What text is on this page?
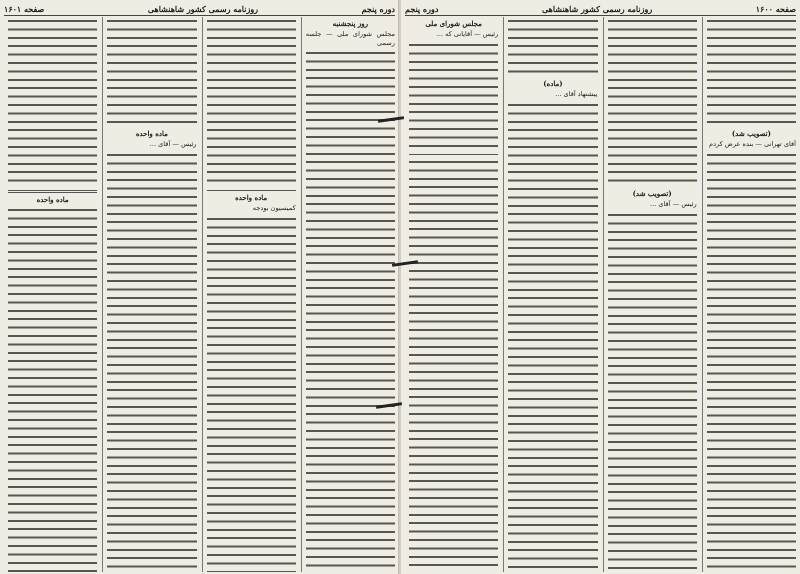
دوره پنجم
روزنامه رسمی کشور شاهنشاهی
صفحه ۱۶۰۱
روز پنجشنبه

مجلس شورای ملی — جلسه رسمی

ماده واحده

کمیسیون بودجه

ماده واحده

رئیس — آقای ...

ماده واحده
صفحه ۱۶۰۰
روزنامه رسمی کشور شاهنشاهی
دوره پنجم
(تصویب شد)

آقای تهرانی — بنده عرض کردم

(تصویب شد)

رئیس — آقای ...

(ماده)

پیشنهاد آقای ...

مجلس شورای ملی

رئیس — آقایانی که ...
